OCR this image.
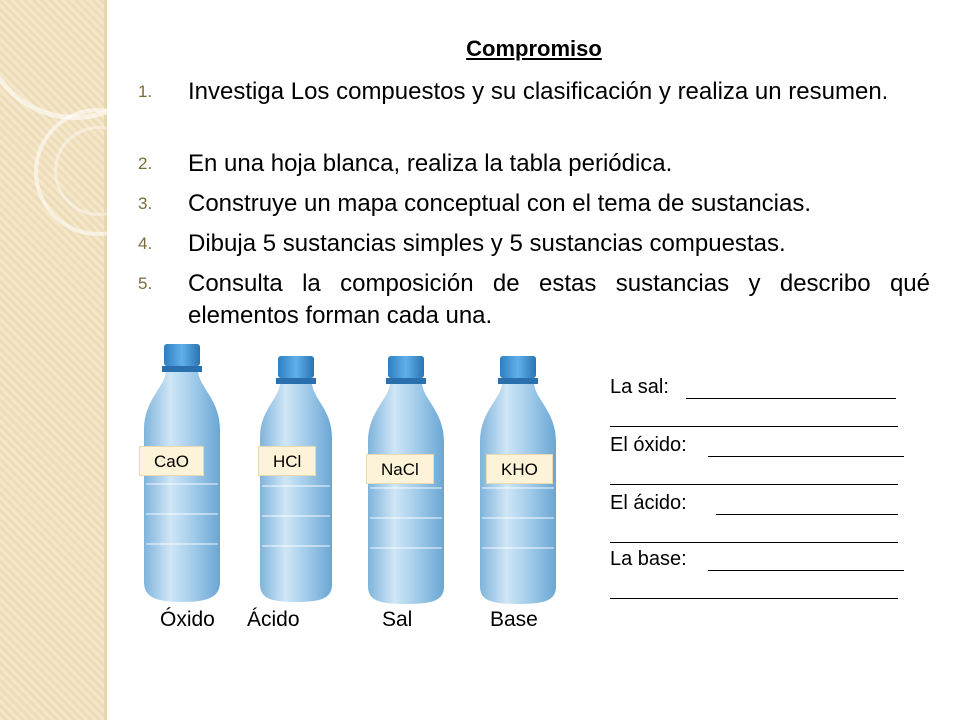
Compromiso
1. Investiga Los compuestos y su clasificación y realiza un resumen.
2. En una hoja blanca, realiza la tabla periódica.
3. Construye un mapa conceptual con el tema de sustancias.
4. Dibuja 5 sustancias simples y 5 sustancias compuestas.
5. Consulta la composición de estas sustancias y describo qué elementos forman cada una.
CaO	HCl	NaCl	KHO
Óxido Ácido	Sal	Base
La sal:
El óxido:
El ácido:
La base:
